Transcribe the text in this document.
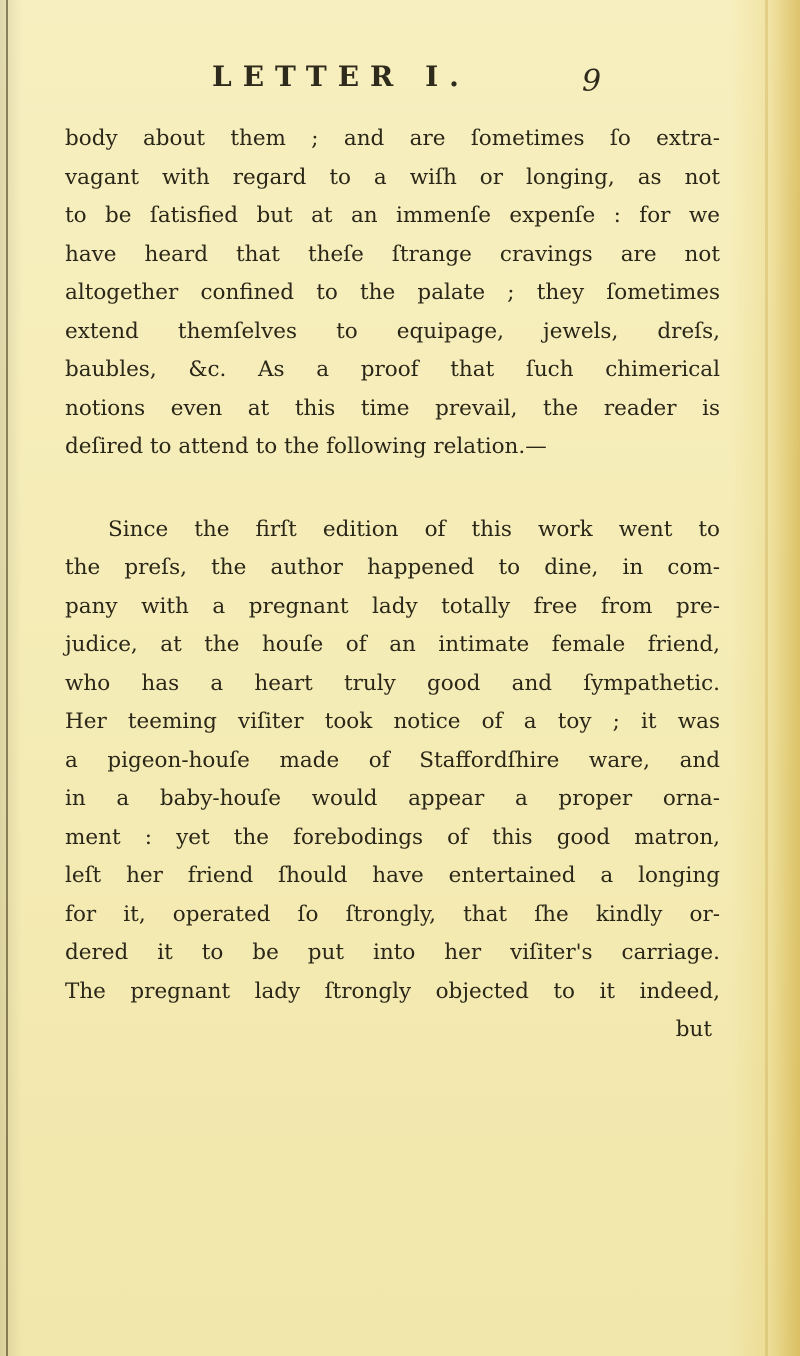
LETTER I.	9
body about them ; and are ſometimes ſo extra-
vagant with regard to a wiſh or longing, as not
to be ſatisfied but at an immenſe expenſe : for we
have heard that theſe ſtrange cravings are not
altogether confined to the palate ; they ſometimes
extend themſelves to equipage, jewels, dreſs,
baubles, &c. As a proof that ſuch chimerical
notions even at this time prevail, the reader is
deſired to attend to the following relation.—
Since the firſt edition of this work went to
the preſs, the author happened to dine, in com-
pany with a pregnant lady totally free from pre-
judice, at the houſe of an intimate female friend,
who has a heart truly good and ſympathetic.
Her teeming viſiter took notice of a toy ; it was
a pigeon-houſe made of Staffordſhire ware, and
in a baby-houſe would appear a proper orna-
ment : yet the forebodings of this good matron,
leſt her friend ſhould have entertained a longing
for it, operated ſo ſtrongly, that ſhe kindly or-
dered it to be put into her viſiter's carriage.
The pregnant lady ſtrongly objected to it indeed,
but
